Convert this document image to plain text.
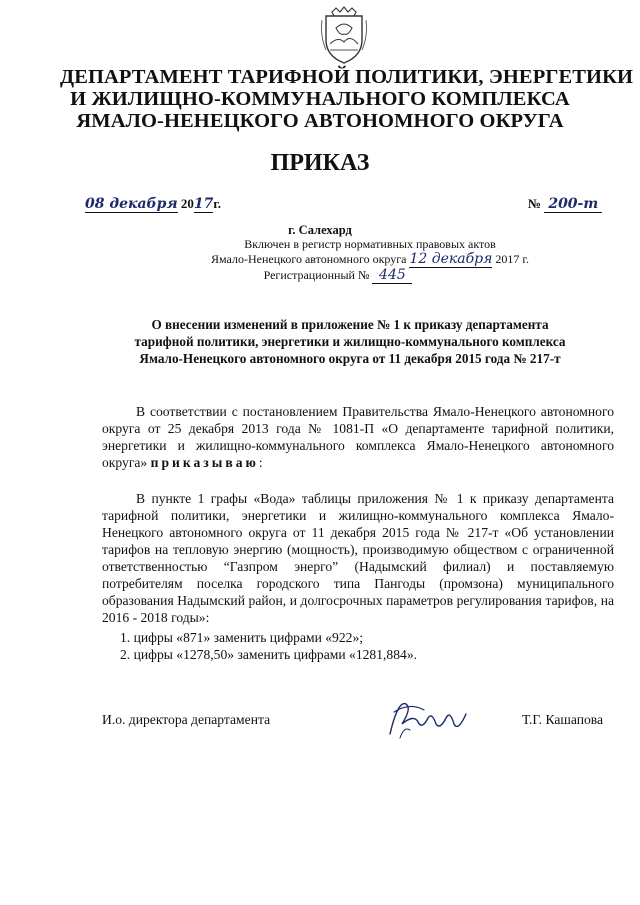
ДЕПАРТАМЕНТ ТАРИФНОЙ ПОЛИТИКИ, ЭНЕРГЕТИКИ
И ЖИЛИЩНО-КОММУНАЛЬНОГО КОМПЛЕКСА
ЯМАЛО-НЕНЕЦКОГО АВТОНОМНОГО ОКРУГА
ПРИКАЗ
08 декабря 2017г.	№ 200-т
г. Салехард
Включен в регистр нормативных правовых актов
Ямало-Ненецкого автономного округа 12 декабря 2017 г.
Регистрационный № 445
О внесении изменений в приложение № 1 к приказу департамента
тарифной политики, энергетики и жилищно-коммунального комплекса
Ямало-Ненецкого автономного округа от 11 декабря 2015 года № 217-т

В соответствии с постановлением Правительства Ямало-Ненецкого автономного округа от 25 декабря 2013 года № 1081-П «О департаменте тарифной политики, энергетики и жилищно-коммунального комплекса Ямало-Ненецкого автономного округа» приказываю:

В пункте 1 графы «Вода» таблицы приложения № 1 к приказу департамента тарифной политики, энергетики и жилищно-коммунального комплекса Ямало-Ненецкого автономного округа от 11 декабря 2015 года № 217-т «Об установлении тарифов на тепловую энергию (мощность), производимую обществом с ограниченной ответственностью “Газпром энерго” (Надымский филиал) и поставляемую потребителям поселка городского типа Пангоды (промзона) муниципального образования Надымский район, и долгосрочных параметров регулирования тарифов, на 2016 - 2018 годы»:

1. цифры «871» заменить цифрами «922»;
2. цифры «1278,50» заменить цифрами «1281,884».
И.о. директора департамента	Т.Г. Кашапова
